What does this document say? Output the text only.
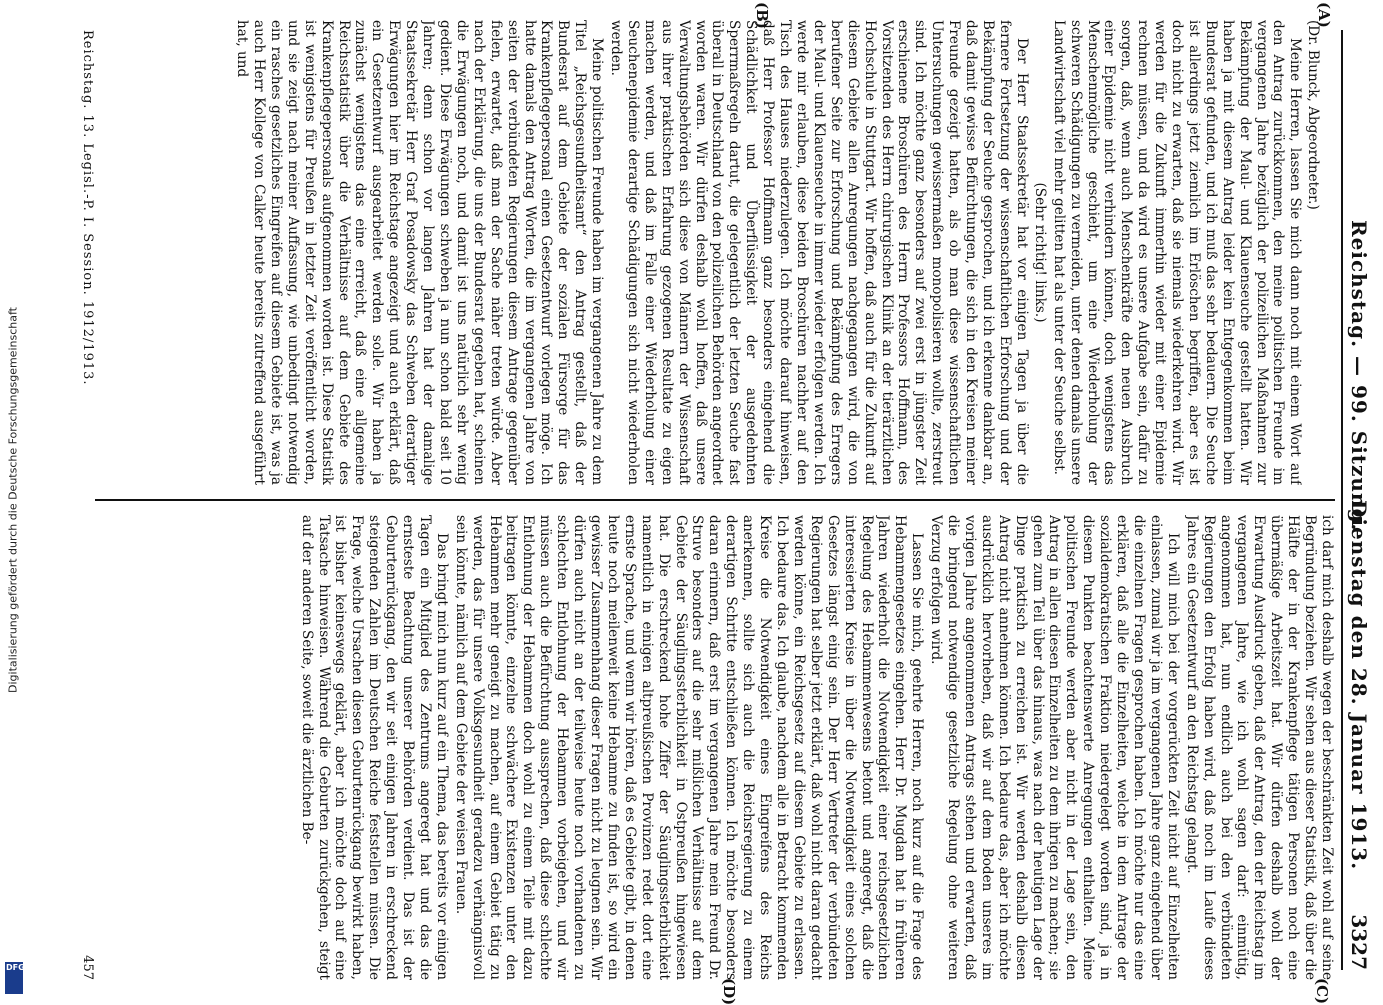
Digitalisierung gefördert durch die Deutsche Forschungsgemeinschaft
DFG
Reichstag. — 99. Sitzung.
Dienstag den 28. Januar 1913.
3327
(A)
(B)
(C)
(D)

(Dr. Blunck, Abgeordneter.)

Meine Herren, lassen Sie mich dann noch mit einem Wort auf den Antrag zurückkommen, den meine politischen Freunde im vergangenen Jahre bezüglich der polizeilichen Maßnahmen zur Bekämpfung der Maul- und Klauenseuche gestellt hatten. Wir haben ja mit diesem Antrag leider kein Entgegenkommen beim Bundesrat gefunden, und ich muß das sehr bedauern. Die Seuche ist allerdings jetzt ziemlich im Erlöschen begriffen, aber es ist doch nicht zu erwarten, daß sie niemals wiederkehren wird. Wir werden für die Zukunft immerhin wieder mit einer Epidemie rechnen müssen, und da wird es unsere Aufgabe sein, dafür zu sorgen, daß, wenn auch Menschenkräfte den neuen Ausbruch einer Epidemie nicht verhindern können, doch wenigstens das Menschenmögliche geschieht, um eine Wiederholung der schweren Schädigungen zu vermeiden, unter denen damals unsere Landwirtschaft viel mehr gelitten hat als unter der Seuche selbst.

(Sehr richtig! links.)

Der Herr Staatssekretär hat vor einigen Tagen ja über die fernere Fortsetzung der wissenschaftlichen Erforschung und der Bekämpfung der Seuche gesprochen, und ich erkenne dankbar an, daß damit gewisse Befürchtungen, die sich in den Kreisen meiner Freunde gezeigt hatten, als ob man diese wissenschaftlichen Untersuchungen gewissermaßen monopolisieren wollte, zerstreut sind. Ich möchte ganz besonders auf zwei erst in jüngster Zeit erschienene Broschüren des Herrn Professors Hoffmann, des Vorsitzenden des Herrn chirurgischen Klinik an der tierärztlichen Hochschule in Stuttgart. Wir hoffen, daß auch für die Zukunft auf diesem Gebiete allen Anregungen nachgegangen wird, die von berufener Seite zur Erforschung und Bekämpfung des Erregers der Maul- und Klauenseuche in immer wieder erfolgen werden. Ich werde mir erlauben, diese beiden Broschüren nachher auf den Tisch des Hauses niederzulegen. Ich möchte darauf hinweisen, daß Herr Professor Hoffmann ganz besonders eingehend die Schädlichkeit und Überflüssigkeit der ausgedehnten Sperrmaßregeln dartut, die gelegentlich der letzten Seuche fast überall in Deutschland von den polizeilichen Behörden angeordnet worden waren. Wir dürfen deshalb wohl hoffen, daß unsere Verwaltungsbehörden sich diese von Männern der Wissenschaft aus ihrer praktischen Erfahrung gezogenen Resultate zu eigen machen werden, und daß im Falle einer Wiederholung einer Seuchenepidemie derartige Schädigungen sich nicht wiederholen werden.

Meine politischen Freunde haben im vergangenen Jahre zu dem Titel „Reichsgesundheitsamt“ den Antrag gestellt, daß der Bundesrat auf dem Gebiete der sozialen Fürsorge für das Krankenpflegepersonal einen Gesetzentwurf vorlegen möge. Ich hatte damals den Antrag Worten, die im vergangenen Jahre von seiten der verbündeten Regierungen diesem Antrage gegenüber fielen, erwartet, daß man der Sache näher treten würde. Aber nach der Erklärung, die uns der Bundesrat gegeben hat, scheinen die Erwägungen noch, und damit ist uns natürlich sehr wenig gedient. Diese Erwägungen schweben ja nun schon bald seit 10 Jahren; denn schon vor langen Jahren hat der damalige Staatssekretär Herr Graf Posadowsky das Schweben derartiger Erwägungen hier im Reichstage angezeigt und auch erklärt, daß ein Gesetzentwurf ausgearbeitet werden solle. Wir haben ja zunächst wenigstens das eine erreicht, daß eine allgemeine Reichsstatistik über die Verhältnisse auf dem Gebiete des Krankenpflegepersonals aufgenommen worden ist. Diese Statistik ist wenigstens für Preußen in letzter Zeit veröffentlicht worden, und sie zeigt nach meiner Auffassung, wie unbedingt notwendig ein rasches gesetzliches Eingreifen auf diesem Gebiete ist, was ja auch Herr Kollege von Calker heute bereits zutreffend ausgeführt hat, und

ich darf mich deshalb wegen der beschränkten Zeit wohl auf seine Begründung beziehen. Wir sehen aus dieser Statistik, daß über die Hälfte der in der Krankenpflege tätigen Personen noch eine übermäßige Arbeitszeit hat. Wir dürfen deshalb wohl der Erwartung Ausdruck geben, daß der Antrag, den der Reichstag im vergangenen Jahre, wie ich wohl sagen darf: einmütig, angenommen hat, nun endlich auch bei den verbündeten Regierungen den Erfolg haben wird, daß noch im Laufe dieses Jahres ein Gesetzentwurf an den Reichstag gelangt.

Ich will mich bei der vorgerückten Zeit nicht auf Einzelheiten einlassen, zumal wir ja im vergangenen Jahre ganz eingehend über die einzelnen Fragen gesprochen haben. Ich möchte nur das eine erklären, daß alle die Einzelheiten, welche in dem Antrage der sozialdemokratischen Fraktion niedergelegt worden sind, ja in diesem Punkten beachtenswerte Anregungen enthalten. Meine politischen Freunde werden aber nicht in der Lage sein, den Antrag in allen diesen Einzelheiten zu dem ihrigen zu machen; sie gehen zum Teil über das hinaus, was nach der heutigen Lage der Dinge praktisch zu erreichen ist. Wir werden deshalb diesen Antrag nicht annehmen können. Ich bedaure das, aber ich möchte ausdrücklich hervorheben, daß wir auf dem Boden unseres im vorigen Jahre angenommenen Antrags stehen und erwarten, daß die bringend notwendige gesetzliche Regelung ohne weiteren Verzug erfolgen wird.

Lassen Sie mich, geehrte Herren, noch kurz auf die Frage des Hebammengesetzes eingehen. Herr Dr. Mugdan hat in früheren Jahren wiederholt die Notwendigkeit einer reichsgesetzlichen Regelung des Hebammenwesens betont und angeregt, daß die interessierten Kreise in über die Notwendigkeit eines solchen Gesetzes längst einig sein. Der Herr Vertreter der verbündeten Regierungen hat selber jetzt erklärt, daß wohl nicht daran gedacht werden könne, ein Reichsgesetz auf diesem Gebiete zu erlassen. Ich bedaure das. Ich glaube, nachdem alle in Betracht kommenden Kreise die Notwendigkeit eines Eingreifens des Reichs anerkennen, sollte sich auch die Reichsregierung zu einem derartigen Schritte entschließen können. Ich möchte besonders daran erinnern, daß erst im vergangenen Jahre mein Freund Dr. Struve besonders auf die sehr mißlichen Verhältnisse auf dem Gebiete der Säuglingssterblichkeit in Ostpreußen hingewiesen hat. Die erschreckend hohe Ziffer der Säuglingssterblichkeit namentlich in einigen altpreußischen Provinzen redet dort eine ernste Sprache, und wenn wir hören, daß es Gebiete gibt, in denen heute noch meilenweit keine Hebamme zu finden ist, so wird ein gewisser Zusammenhang dieser Fragen nicht zu leugnen sein. Wir dürfen auch nicht an der teilweise heute noch vorhandenen zu schlechten Entlohnung der Hebammen vorbeigehen, und wir müssen auch die Befürchtung aussprechen, daß diese schlechte Entlohnung der Hebammen doch wohl zu einem Teile mit dazu beitragen könnte, einzelne schwächere Existenzen unter den Hebammen mehr geneigt zu machen, auf einem Gebiet tätig zu werden, das für unsere Volksgesundheit geradezu verhängnisvoll sein könnte, nämlich auf dem Gebiete der weisen Frauen.

Das bringt mich nun kurz auf ein Thema, das bereits vor einigen Tagen ein Mitglied des Zentrums angeregt hat und das die ernsteste Beachtung unserer Behörden verdient. Das ist der Geburtenrückgang, den wir seit einigen Jahren in erschreckend steigenden Zahlen im Deutschen Reiche feststellen müssen. Die Frage, welche Ursachen diesen Geburtenrückgang bewirkt haben, ist bisher keineswegs geklärt, aber ich möchte doch auf eine Tatsache hinweisen. Während die Geburten zurückgehen, steigt auf der anderen Seite, soweit die ärztlichen Be-

Reichstag. 13. Legisl.-P. I. Session. 1912/1913.
457
